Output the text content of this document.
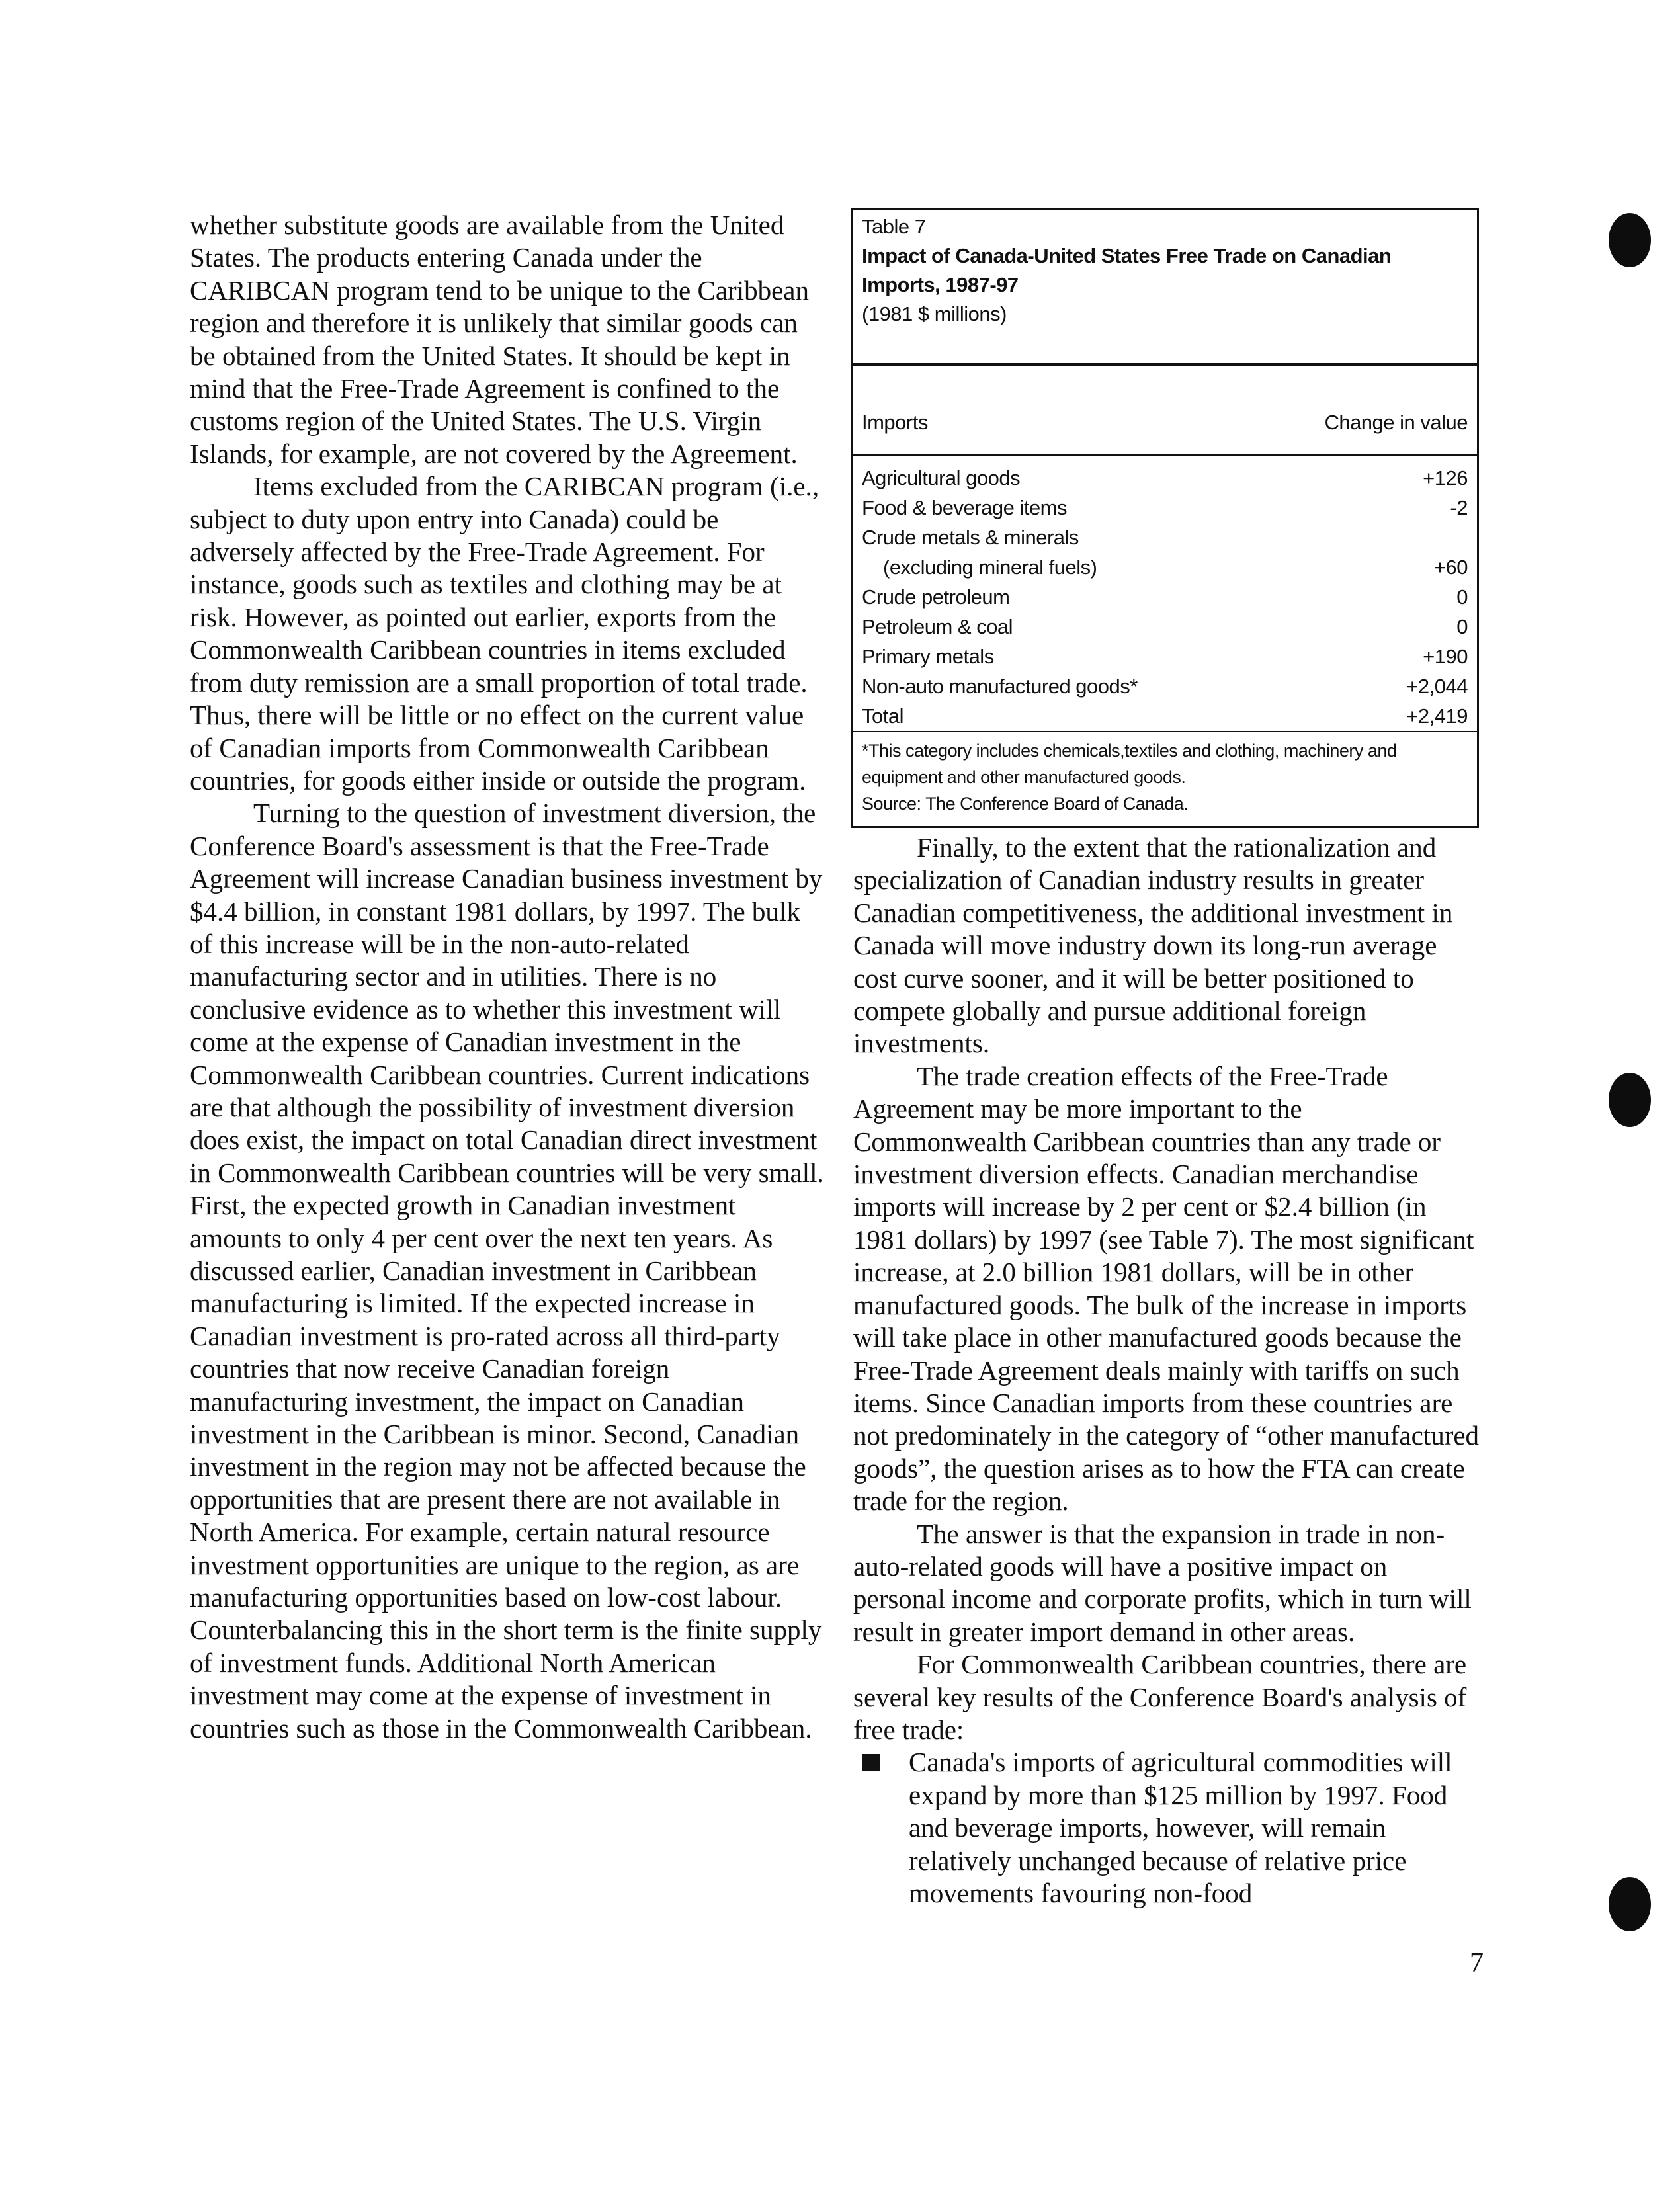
whether substitute goods are available from the United States. The products entering Canada under the CARIBCAN program tend to be unique to the Caribbean region and therefore it is unlikely that similar goods can be obtained from the United States. It should be kept in mind that the Free-Trade Agreement is confined to the customs region of the United States. The U.S. Virgin Islands, for example, are not covered by the Agreement.

Items excluded from the CARIBCAN program (i.e., subject to duty upon entry into Canada) could be adversely affected by the Free-Trade Agreement. For instance, goods such as textiles and clothing may be at risk. However, as pointed out earlier, exports from the Commonwealth Caribbean countries in items excluded from duty remission are a small proportion of total trade. Thus, there will be little or no effect on the current value of Canadian imports from Commonwealth Caribbean countries, for goods either inside or outside the program.

Turning to the question of investment diversion, the Conference Board's assessment is that the Free-Trade Agreement will increase Canadian business investment by $4.4 billion, in constant 1981 dollars, by 1997. The bulk of this increase will be in the non-auto-related manufacturing sector and in utilities. There is no conclusive evidence as to whether this investment will come at the expense of Canadian investment in the Commonwealth Caribbean countries. Current indications are that although the possibility of investment diversion does exist, the impact on total Canadian direct investment in Commonwealth Caribbean countries will be very small. First, the expected growth in Canadian investment amounts to only 4 per cent over the next ten years. As discussed earlier, Canadian investment in Caribbean manufacturing is limited. If the expected increase in Canadian investment is pro-rated across all third-party countries that now receive Canadian foreign manufacturing investment, the impact on Canadian investment in the Caribbean is minor. Second, Canadian investment in the region may not be affected because the opportunities that are present there are not available in North America. For example, certain natural resource investment opportunities are unique to the region, as are manufacturing opportunities based on low-cost labour. Counterbalancing this in the short term is the finite supply of investment funds. Additional North American investment may come at the expense of investment in countries such as those in the Commonwealth Caribbean.

Table 7
Impact of Canada-United States Free Trade on Canadian Imports, 1987-97
(1981 $ millions)
Imports	Change in value
Agricultural goods	+126
Food & beverage items	-2
Crude metals & minerals
(excluding mineral fuels)	+60
Crude petroleum	0
Petroleum & coal	0
Primary metals	+190
Non-auto manufactured goods*	+2,044
Total	+2,419
*This category includes chemicals,textiles and clothing, machinery and equipment and other manufactured goods.
Source: The Conference Board of Canada.

Finally, to the extent that the rationalization and specialization of Canadian industry results in greater Canadian competitiveness, the additional investment in Canada will move industry down its long-run average cost curve sooner, and it will be better positioned to compete globally and pursue additional foreign investments.

The trade creation effects of the Free-Trade Agreement may be more important to the Commonwealth Caribbean countries than any trade or investment diversion effects. Canadian merchandise imports will increase by 2 per cent or $2.4 billion (in 1981 dollars) by 1997 (see Table 7). The most significant increase, at 2.0 billion 1981 dollars, will be in other manufactured goods. The bulk of the increase in imports will take place in other manufactured goods because the Free-Trade Agreement deals mainly with tariffs on such items. Since Canadian imports from these countries are not predominately in the category of “other manufactured goods”, the question arises as to how the FTA can create trade for the region.

The answer is that the expansion in trade in non-auto-related goods will have a positive impact on personal income and corporate profits, which in turn will result in greater import demand in other areas.

For Commonwealth Caribbean countries, there are several key results of the Conference Board's analysis of free trade:

Canada's imports of agricultural commodities will expand by more than $125 million by 1997. Food and beverage imports, however, will remain relatively unchanged because of relative price movements favouring non-food
7
